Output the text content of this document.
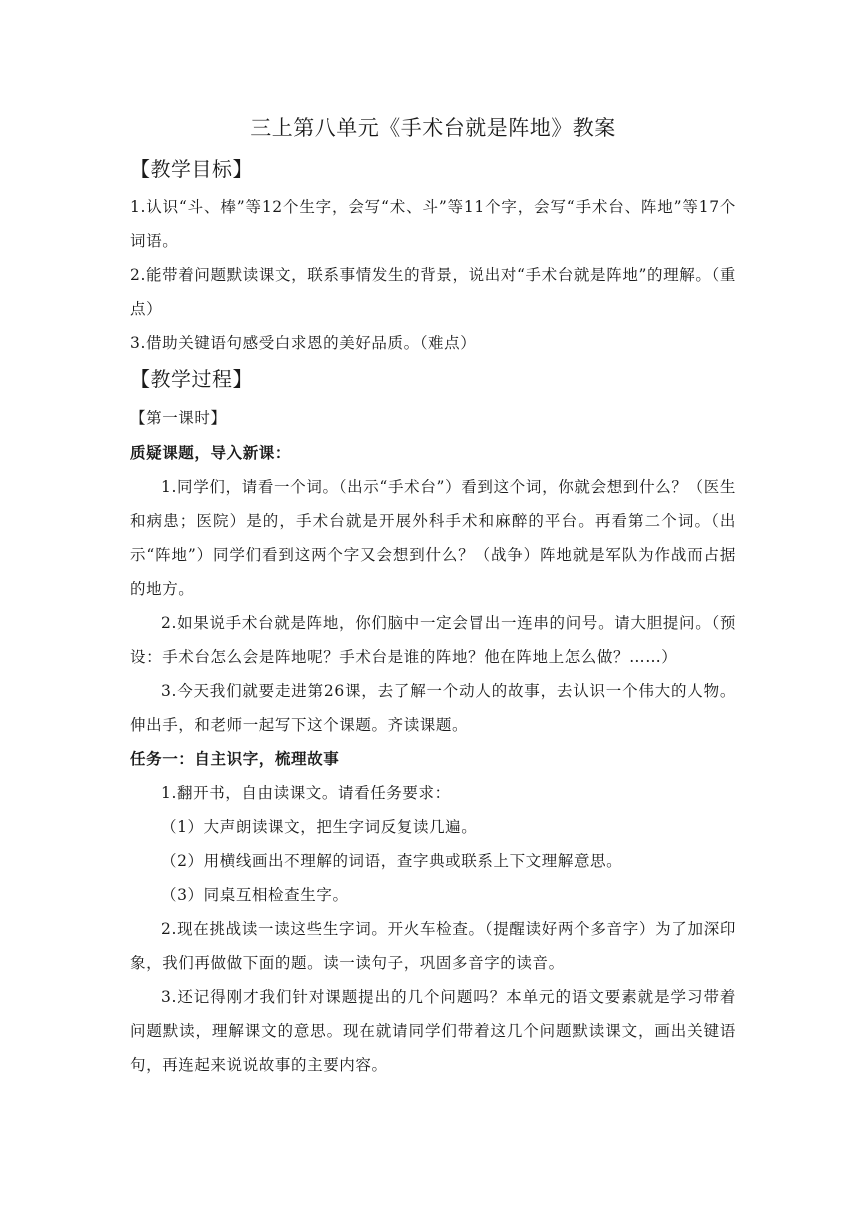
三上第八单元《手术台就是阵地》教案
【教学目标】

1.认识“斗、棒”等12个生字，会写“术、斗”等11个字，会写“手术台、阵地”等17个词语。

2.能带着问题默读课文，联系事情发生的背景，说出对“手术台就是阵地”的理解。（重点）

3.借助关键语句感受白求恩的美好品质。（难点）

【教学过程】

【第一课时】

质疑课题，导入新课：

1.同学们，请看一个词。（出示“手术台”）看到这个词，你就会想到什么？（医生和病患；医院）是的，手术台就是开展外科手术和麻醉的平台。再看第二个词。（出示“阵地”）同学们看到这两个字又会想到什么？（战争）阵地就是军队为作战而占据的地方。

2.如果说手术台就是阵地，你们脑中一定会冒出一连串的问号。请大胆提问。（预设：手术台怎么会是阵地呢？手术台是谁的阵地？他在阵地上怎么做？……）

3.今天我们就要走进第26课，去了解一个动人的故事，去认识一个伟大的人物。伸出手，和老师一起写下这个课题。齐读课题。

任务一：自主识字，梳理故事

1.翻开书，自由读课文。请看任务要求：

（1）大声朗读课文，把生字词反复读几遍。

（2）用横线画出不理解的词语，查字典或联系上下文理解意思。

（3）同桌互相检查生字。

2.现在挑战读一读这些生字词。开火车检查。（提醒读好两个多音字）为了加深印象，我们再做做下面的题。读一读句子，巩固多音字的读音。

3.还记得刚才我们针对课题提出的几个问题吗？本单元的语文要素就是学习带着问题默读，理解课文的意思。现在就请同学们带着这几个问题默读课文，画出关键语句，再连起来说说故事的主要内容。
